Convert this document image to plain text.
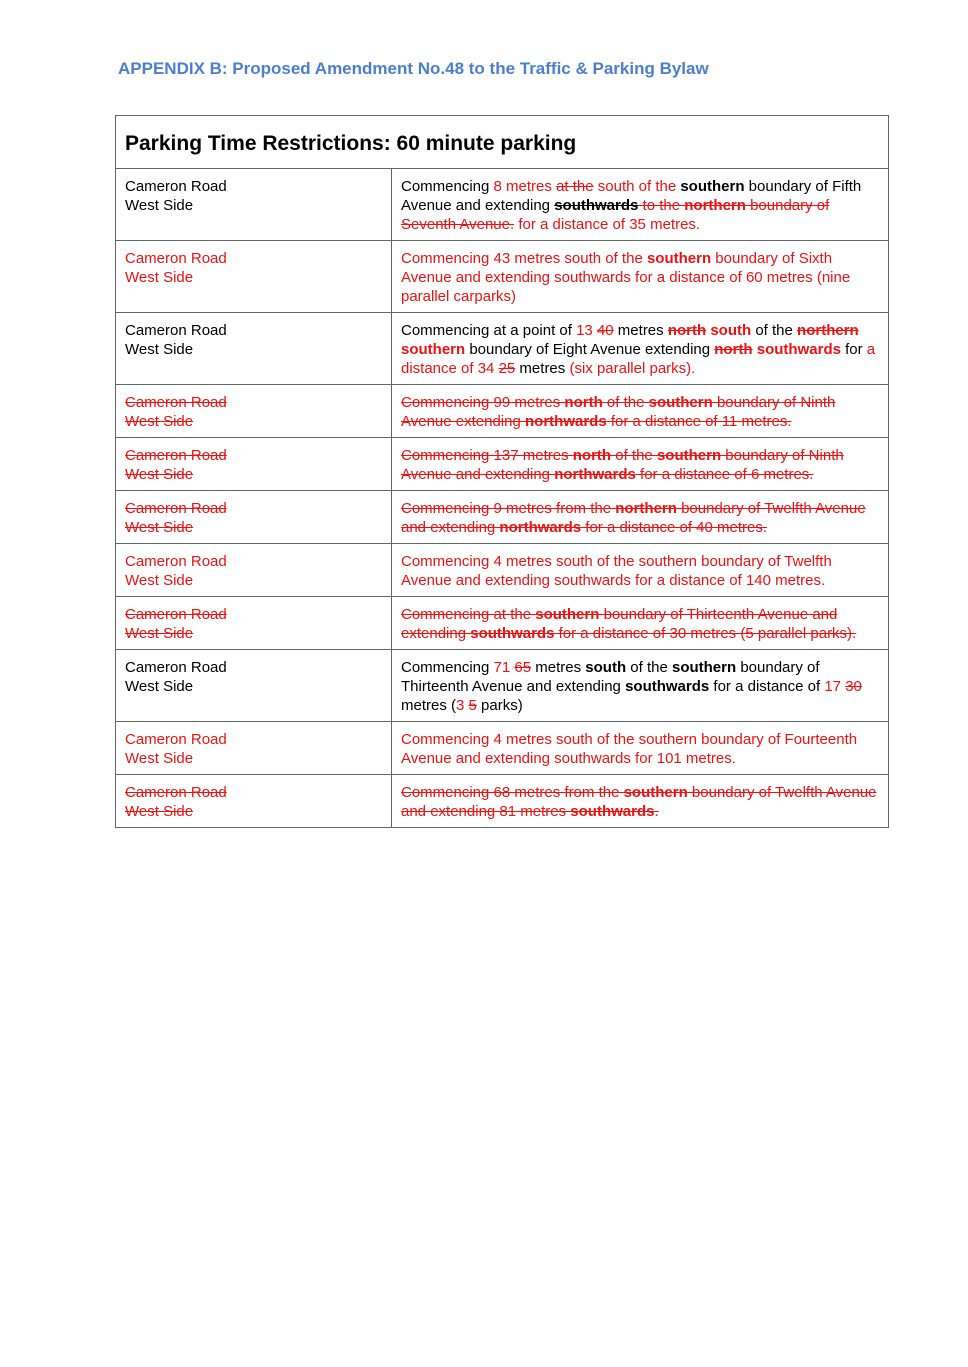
APPENDIX B: Proposed Amendment No.48 to the Traffic & Parking Bylaw
Parking Time Restrictions: 60 minute parking	
Cameron Road
West Side	Commencing 8 metres at the south of the southern boundary of Fifth Avenue and extending southwards to the northern boundary of Seventh Avenue. for a distance of 35 metres.
Cameron Road
West Side	Commencing 43 metres south of the southern boundary of Sixth Avenue and extending southwards for a distance of 60 metres (nine parallel carparks)
Cameron Road
West Side	Commencing at a point of 13 40 metres north south of the northern southern boundary of Eight Avenue extending north southwards for a distance of 34 25 metres (six parallel parks).
Cameron Road
West Side	Commencing 99 metres north of the southern boundary of Ninth Avenue extending northwards for a distance of 11 metres.
Cameron Road
West Side	Commencing 137 metres north of the southern boundary of Ninth Avenue and extending northwards for a distance of 6 metres.
Cameron Road
West Side	Commencing 9 metres from the northern boundary of Twelfth Avenue and extending northwards for a distance of 40 metres.
Cameron Road
West Side	Commencing 4 metres south of the southern boundary of Twelfth Avenue and extending southwards for a distance of 140 metres.
Cameron Road
West Side	Commencing at the southern boundary of Thirteenth Avenue and extending southwards for a distance of 30 metres (5 parallel parks).
Cameron Road
West Side	Commencing 71 65 metres south of the southern boundary of Thirteenth Avenue and extending southwards for a distance of 17 30 metres (3 5 parks)
Cameron Road
West Side	Commencing 4 metres south of the southern boundary of Fourteenth Avenue and extending southwards for 101 metres.
Cameron Road
West Side	Commencing 68 metres from the southern boundary of Twelfth Avenue and extending 81 metres southwards.
